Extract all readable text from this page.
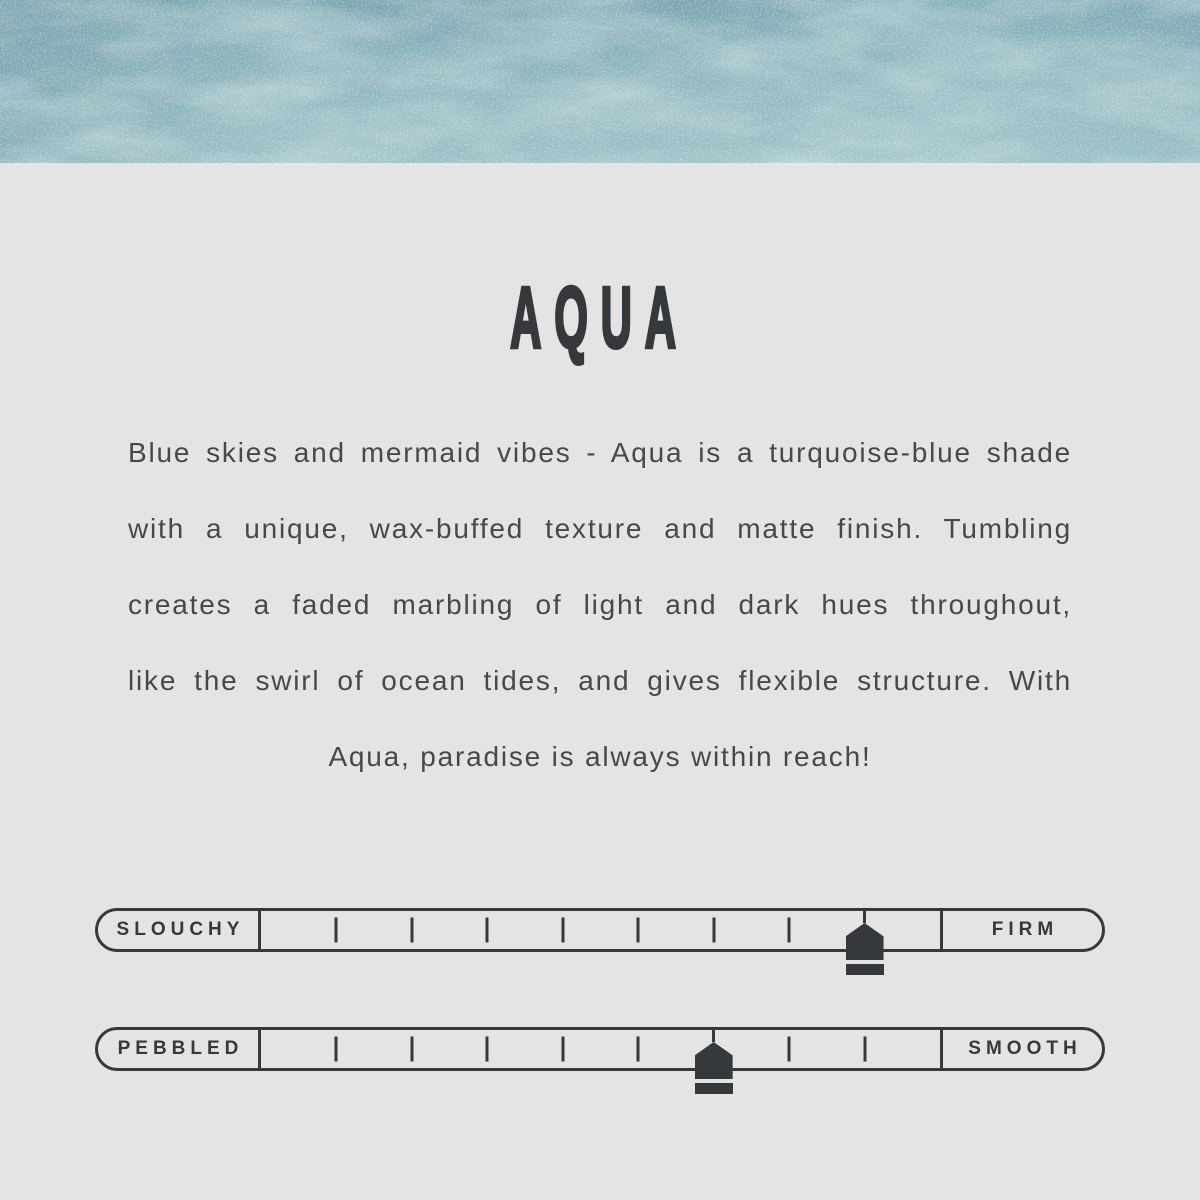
AQUA
Blue skies and mermaid vibes - Aqua is a turquoise-blue shade
with a unique, wax-buffed texture and matte finish. Tumbling
creates a faded marbling of light and dark hues throughout,
like the swirl of ocean tides, and gives flexible structure. With
Aqua, paradise is always within reach!
SLOUCHY	FIRM
PEBBLED	SMOOTH
